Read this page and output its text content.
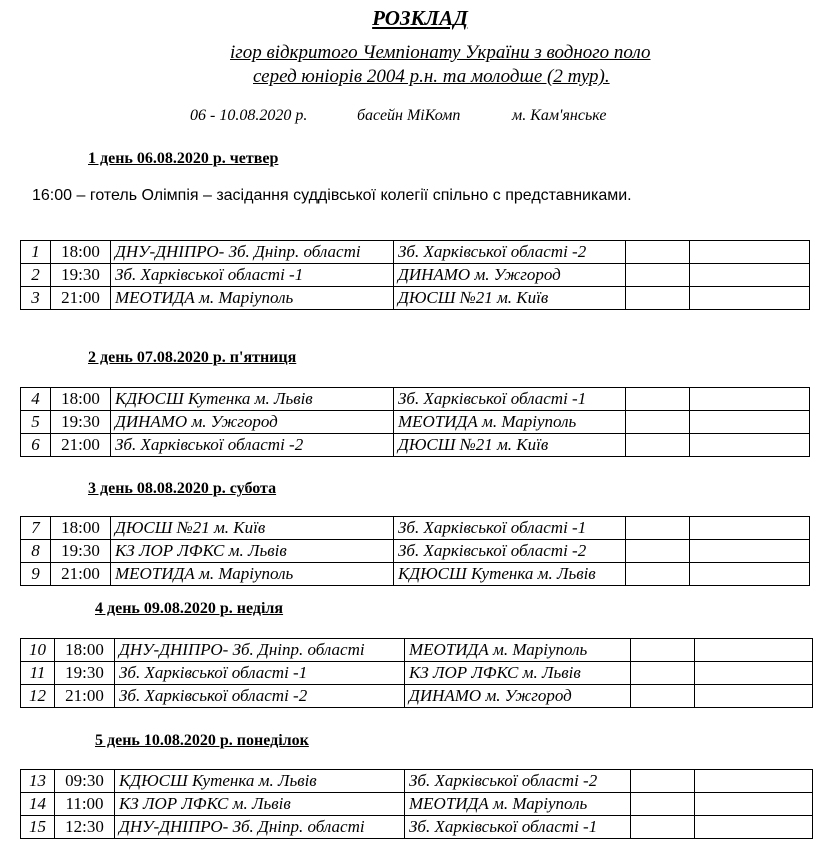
РОЗКЛАД
ігор відкритого Чемпіонату України з водного поло
серед юніорів 2004 р.н. та молодше (2 тур).
06 - 10.08.2020 р.	басейн МіКомп	м. Кам'янське
1 день 06.08.2020 р. четвер
16:00 – готель Олімпія – засідання суддівської колегії спільно с представниками.
1	18:00	ДНУ-ДНІПРО- Зб. Дніпр. області	Зб. Харківської області -2		
2	19:30	Зб. Харківської області -1	ДИНАМО м. Ужгород		
3	21:00	МЕОТИДА м. Маріуполь	ДЮСШ №21 м. Київ		
2 день 07.08.2020 р. п'ятниця
4	18:00	КДЮСШ Кутенка м. Львів	Зб. Харківської області -1		
5	19:30	ДИНАМО м. Ужгород	МЕОТИДА м. Маріуполь		
6	21:00	Зб. Харківської області -2	ДЮСШ №21 м. Київ		
3 день 08.08.2020 р. субота
7	18:00	ДЮСШ №21 м. Київ	Зб. Харківської області -1		
8	19:30	КЗ ЛОР ЛФКС м. Львів	Зб. Харківської області -2		
9	21:00	МЕОТИДА м. Маріуполь	КДЮСШ Кутенка м. Львів		
4 день 09.08.2020 р. неділя
10	18:00	ДНУ-ДНІПРО- Зб. Дніпр. області	МЕОТИДА м. Маріуполь		
11	19:30	Зб. Харківської області -1	КЗ ЛОР ЛФКС м. Львів		
12	21:00	Зб. Харківської області -2	ДИНАМО м. Ужгород		
5 день 10.08.2020 р. понеділок
13	09:30	КДЮСШ Кутенка м. Львів	Зб. Харківської області -2		
14	11:00	КЗ ЛОР ЛФКС м. Львів	МЕОТИДА м. Маріуполь		
15	12:30	ДНУ-ДНІПРО- Зб. Дніпр. області	Зб. Харківської області -1		
